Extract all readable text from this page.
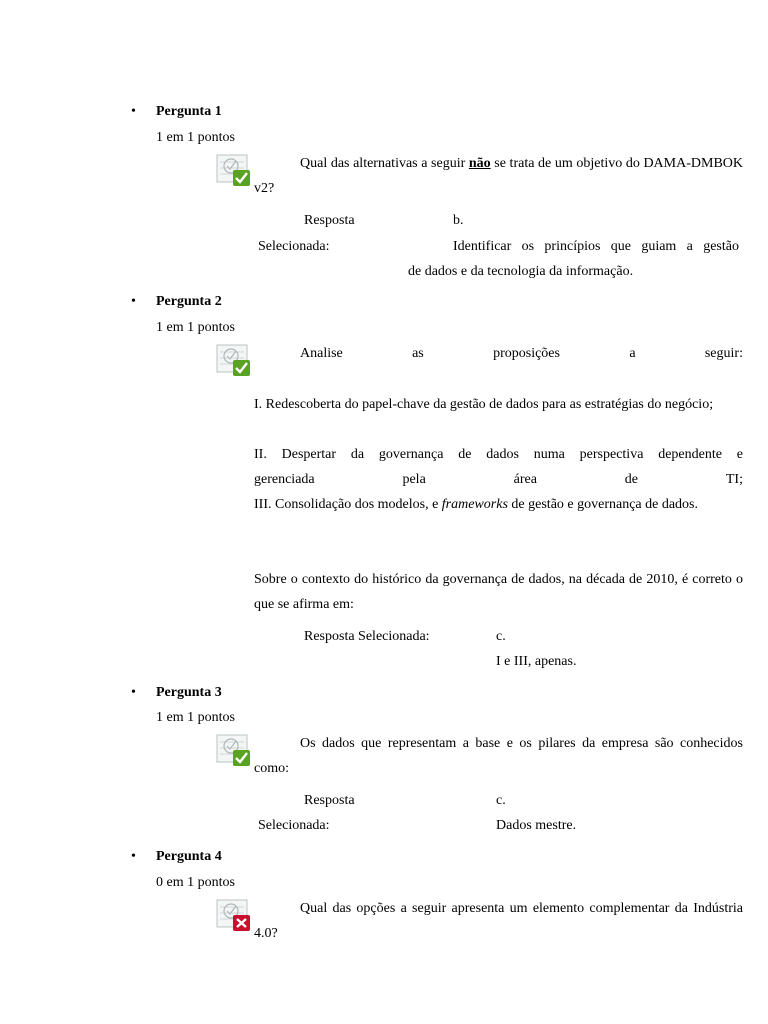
• Pergunta 1
1 em 1 pontos
Qual das alternativas a seguir não se trata de um objetivo do DAMA-DMBOK v2?
Resposta
Selecionada:
b.
Identificar os princípios que guiam a gestão
de dados e da tecnologia da informação.
• Pergunta 2
1 em 1 pontos
Analise	as	proposições	a	seguir:
I. Redescoberta do papel-chave da gestão de dados para as estratégias do negócio;
II. Despertar da governança de dados numa perspectiva dependente e
gerenciada	pela	área	de	TI;
III. Consolidação dos modelos, e frameworks de gestão e governança de dados.
Sobre o contexto do histórico da governança de dados, na década de 2010, é correto o que se afirma em:
Resposta Selecionada:	c.
I e III, apenas.
• Pergunta 3
1 em 1 pontos
Os dados que representam a base e os pilares da empresa são conhecidos como:
Resposta
Selecionada:
c.
Dados mestre.
• Pergunta 4
0 em 1 pontos
Qual das opções a seguir apresenta um elemento complementar da Indústria 4.0?
